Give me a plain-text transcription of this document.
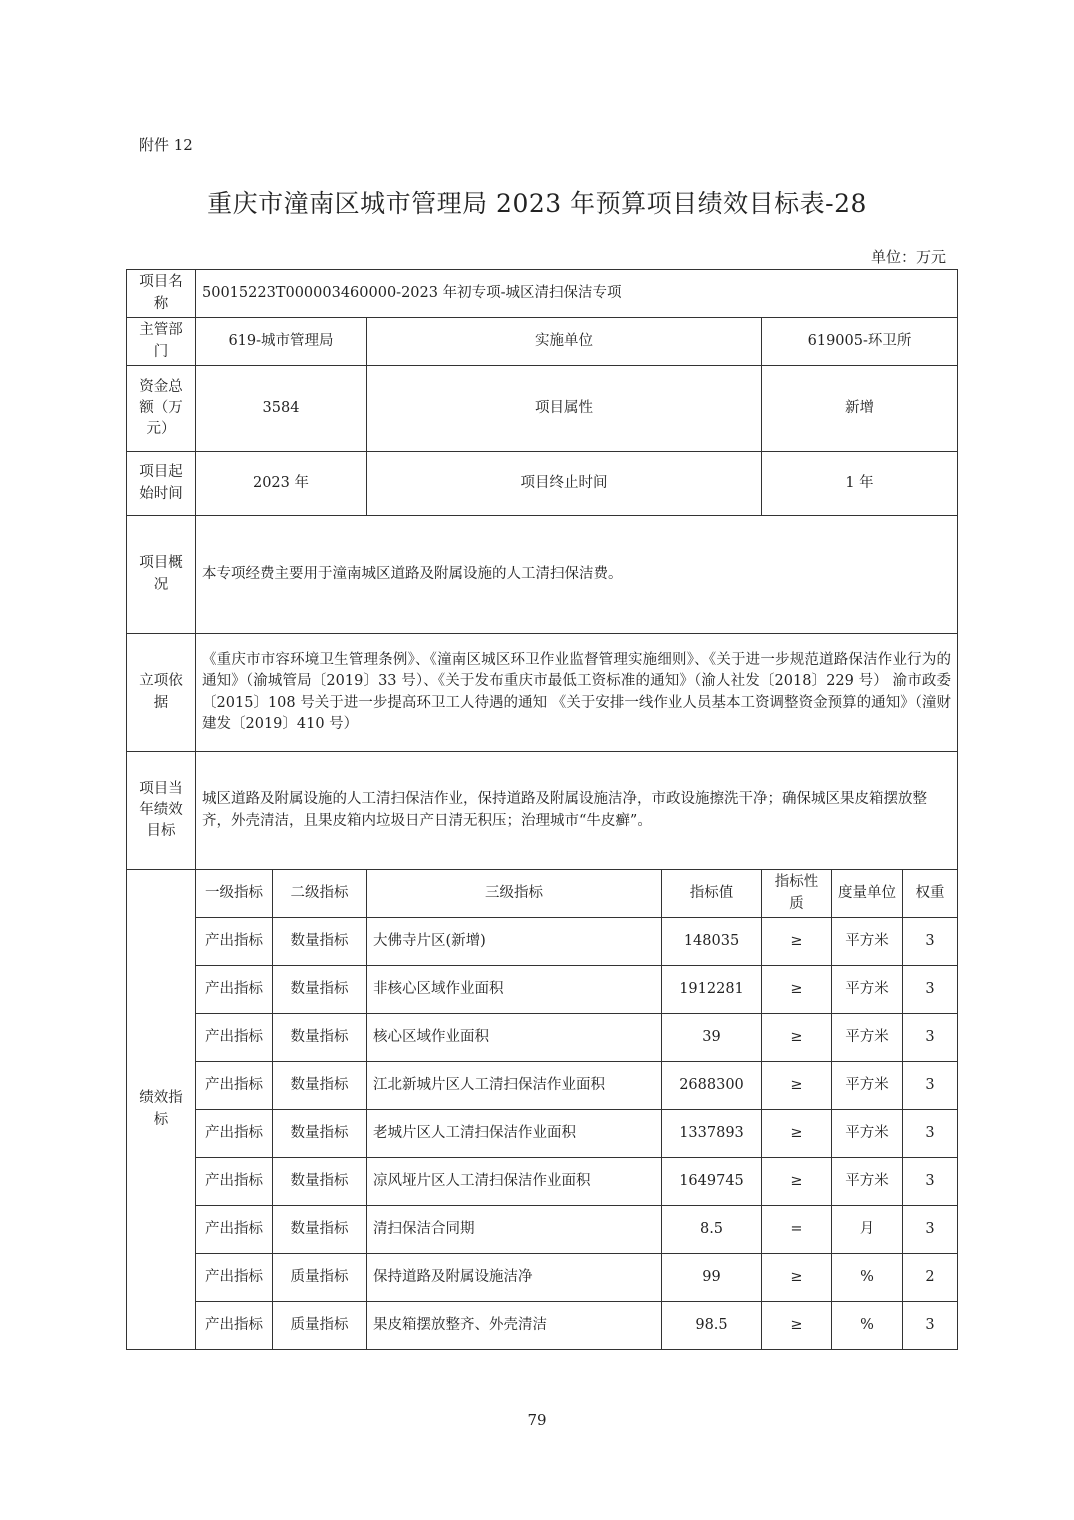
附件 12
重庆市潼南区城市管理局 2023 年预算项目绩效目标表-28
单位：万元
项目名称	50015223T000003460000-2023 年初专项-城区清扫保洁专项						
主管部门	619-城市管理局		实施单位		619005-环卫所		
资金总额（万元）	3584		项目属性		新增		
项目起始时间	2023 年		项目终止时间		1 年		
项目概况	本专项经费主要用于潼南城区道路及附属设施的人工清扫保洁费。						
立项依据	《重庆市市容环境卫生管理条例》、《潼南区城区环卫作业监督管理实施细则》、《关于进一步规范道路保洁作业行为的通知》（渝城管局〔2019〕33 号）、《关于发布重庆市最低工资标准的通知》（渝人社发〔2018〕229 号） 渝市政委〔2015〕108 号关于进一步提高环卫工人待遇的通知 《关于安排一线作业人员基本工资调整资金预算的通知》（潼财建发〔2019〕410 号）						
项目当年绩效目标	城区道路及附属设施的人工清扫保洁作业，保持道路及附属设施洁净，市政设施擦洗干净；确保城区果皮箱摆放整齐，外壳清洁，且果皮箱内垃圾日产日清无积压；治理城市“牛皮癣”。						
绩效指标	一级指标	二级指标	三级指标	指标值	指标性质	度量单位	权重
	产出指标	数量指标	大佛寺片区(新增)	148035	≥	平方米	3
	产出指标	数量指标	非核心区域作业面积	1912281	≥	平方米	3
	产出指标	数量指标	核心区域作业面积	39	≥	平方米	3
	产出指标	数量指标	江北新城片区人工清扫保洁作业面积	2688300	≥	平方米	3
	产出指标	数量指标	老城片区人工清扫保洁作业面积	1337893	≥	平方米	3
	产出指标	数量指标	凉风垭片区人工清扫保洁作业面积	1649745	≥	平方米	3
	产出指标	数量指标	清扫保洁合同期	8.5	=	月	3
	产出指标	质量指标	保持道路及附属设施洁净	99	≥	%	2
	产出指标	质量指标	果皮箱摆放整齐、外壳清洁	98.5	≥	%	3
79
